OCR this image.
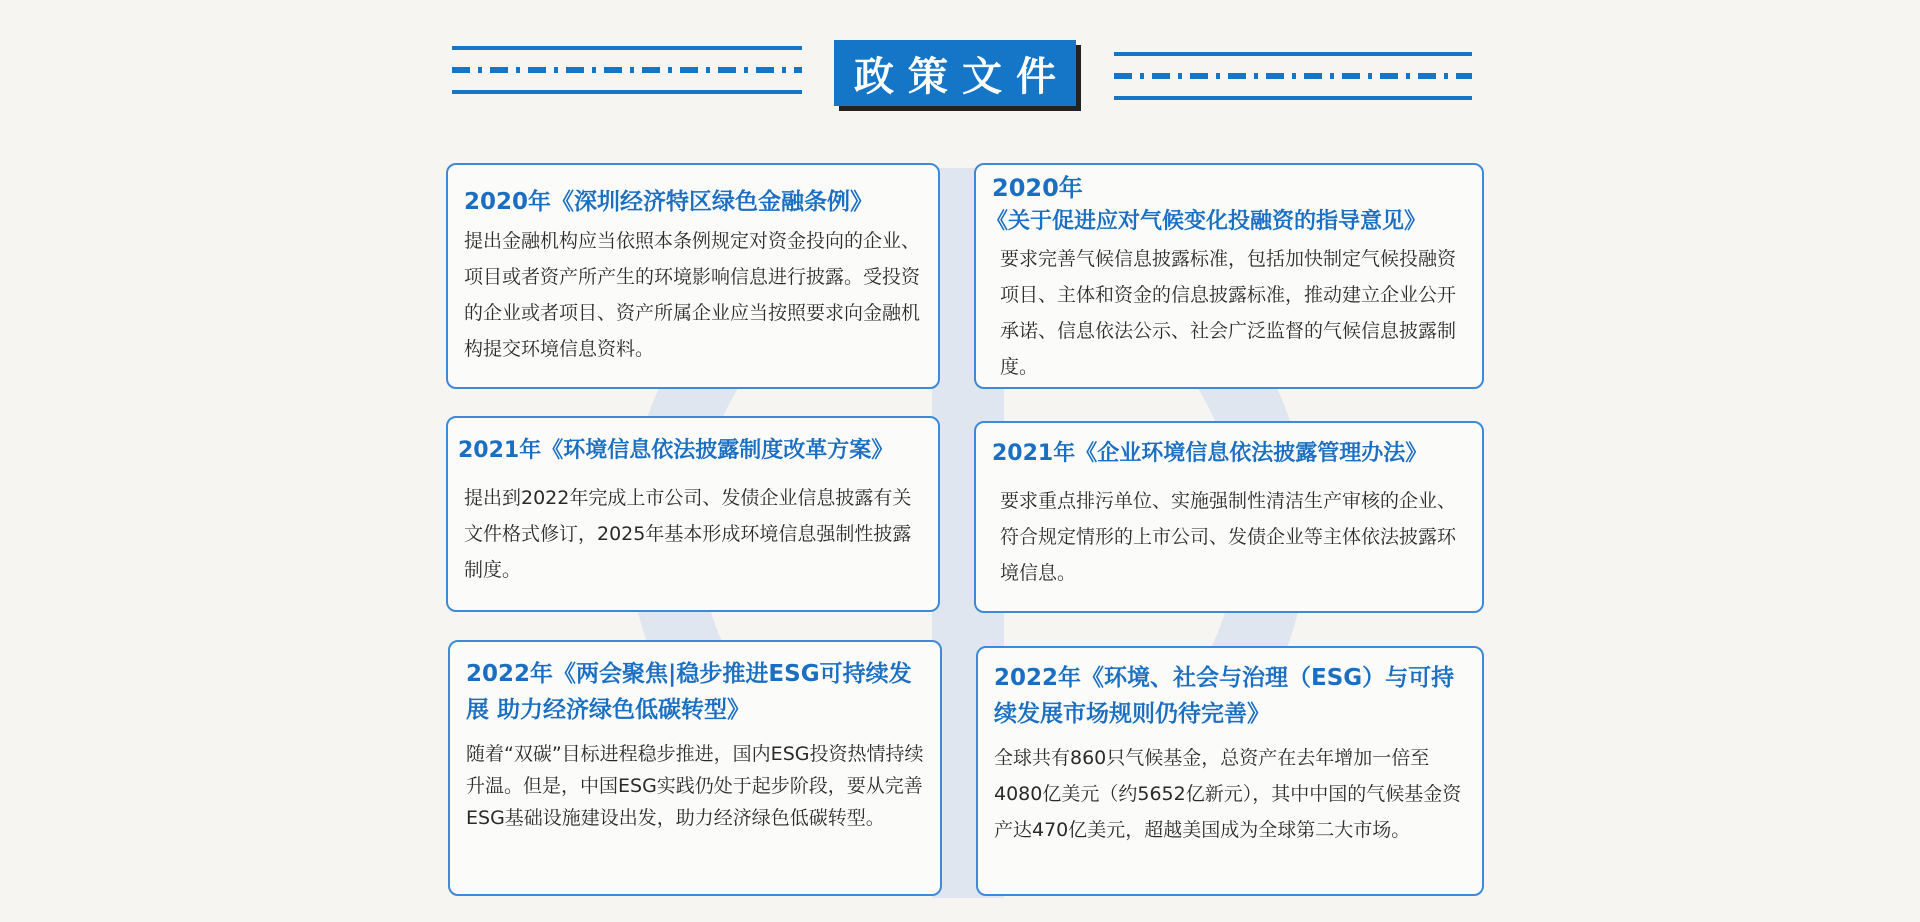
政策文件

2020年《深圳经济特区绿色金融条例》

提出金融机构应当依照本条例规定对资金投向的企业、项目或者资产所产生的环境影响信息进行披露。受投资的企业或者项目、资产所属企业应当按照要求向金融机构提交环境信息资料。

2020年

《关于促进应对气候变化投融资的指导意见》

要求完善气候信息披露标准，包括加快制定气候投融资项目、主体和资金的信息披露标准，推动建立企业公开承诺、信息依法公示、社会广泛监督的气候信息披露制度。

2021年《环境信息依法披露制度改革方案》

提出到2022年完成上市公司、发债企业信息披露有关文件格式修订，2025年基本形成环境信息强制性披露制度。

2021年《企业环境信息依法披露管理办法》

要求重点排污单位、实施强制性清洁生产审核的企业、符合规定情形的上市公司、发债企业等主体依法披露环境信息。

2022年《两会聚焦|稳步推进ESG可持续发展 助力经济绿色低碳转型》

随着“双碳”目标进程稳步推进，国内ESG投资热情持续升温。但是，中国ESG实践仍处于起步阶段，要从完善ESG基础设施建设出发，助力经济绿色低碳转型。

2022年《环境、社会与治理（ESG）与可持续发展市场规则仍待完善》

全球共有860只气候基金，总资产在去年增加一倍至4080亿美元（约5652亿新元），其中中国的气候基金资产达470亿美元，超越美国成为全球第二大市场。
